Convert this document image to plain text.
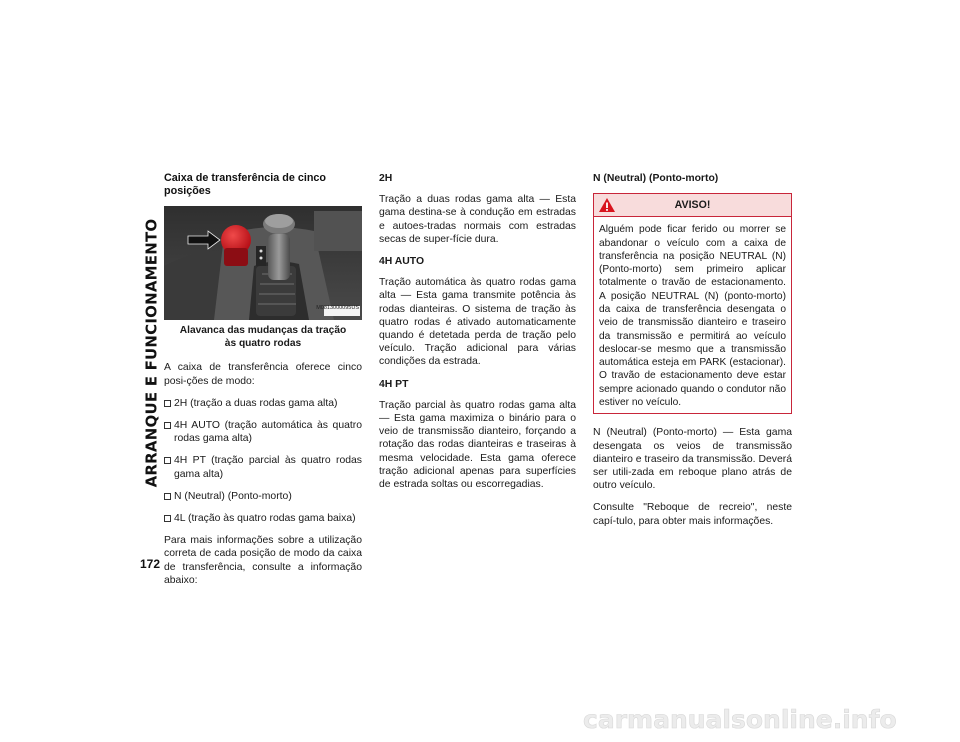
ARRANQUE E FUNCIONAMENTO
172
Caixa de transferência de cinco posições
M0813000095US
Alavanca das mudanças da tração às quatro rodas

A caixa de transferência oferece cinco posi-ções de modo:

2H (tração a duas rodas gama alta)
4H AUTO (tração automática às quatro rodas gama alta)
4H PT (tração parcial às quatro rodas gama alta)
N (Neutral) (Ponto-morto)
4L (tração às quatro rodas gama baixa)

Para mais informações sobre a utilização correta de cada posição de modo da caixa de transferência, consulte a informação abaixo:

2H

Tração a duas rodas gama alta — Esta gama destina-se à condução em estradas e autoes-tradas normais com estradas secas de super-fície dura.

4H AUTO

Tração automática às quatro rodas gama alta — Esta gama transmite potência às rodas dianteiras. O sistema de tração às quatro rodas é ativado automaticamente quando é detetada perda de tração pelo veículo. Tração adicional para várias condições da estrada.

4H PT

Tração parcial às quatro rodas gama alta — Esta gama maximiza o binário para o veio de transmissão dianteiro, forçando a rotação das rodas dianteiras e traseiras à mesma velocidade. Esta gama oferece tração adicional apenas para superfícies de estrada soltas ou escorregadias.

N (Neutral) (Ponto-morto)
AVISO!
Alguém pode ficar ferido ou morrer se abandonar o veículo com a caixa de transferência na posição NEUTRAL (N)(Ponto-morto) sem primeiro aplicar totalmente o travão de estacionamento. A posição NEUTRAL (N) (ponto-morto) da caixa de transferência desengata o veio de transmissão dianteiro e traseiro da transmissão e permitirá ao veículo deslocar-se mesmo que a transmissão automática esteja em PARK (estacionar). O travão de estacionamento deve estar sempre acionado quando o condutor não estiver no veículo.

N (Neutral) (Ponto-morto) — Esta gama desengata os veios de transmissão dianteiro e traseiro da transmissão. Deverá ser utili-zada em reboque plano atrás de outro veículo.

Consulte "Reboque de recreio", neste capí-tulo, para obter mais informações.

carmanualsonline.info
